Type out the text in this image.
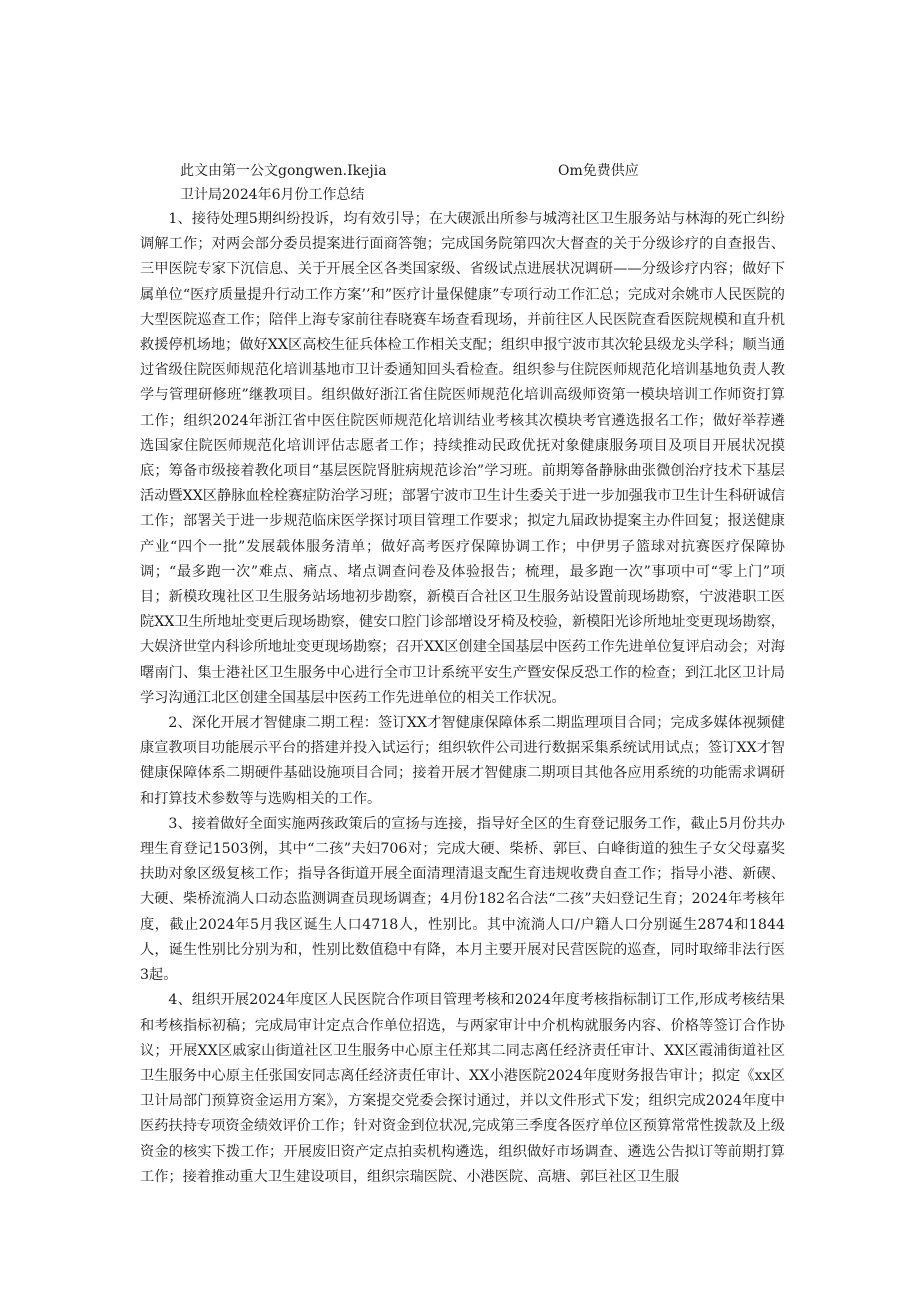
此文由第一公文gongwen.Ikejia	Om免费供应
卫计局2024年6月份工作总结

1、接待处理5期纠纷投诉，均有效引导；在大碶派出所参与城湾社区卫生服务站与林海的死亡纠纷调解工作；对两会部分委员提案进行面商答匏；完成国务院第四次大督查的关于分级诊疗的自查报告、三甲医院专家下沉信息、关于开展全区各类国家级、省级试点进展状况调研——分级诊疗内容；做好下属单位“医疗质量提升行动工作方案’’和”医疗计量保健康”专项行动工作汇总；完成对余姚市人民医院的大型医院巡查工作；陪伴上海专家前往春晓赛车场查看现场，并前往区人民医院查看医院规模和直升机救援停机场地；做好XX区高校生征兵体检工作相关支配；组织申报宁波市其次轮县级龙头学科；顺当通过省级住院医师规范化培训基地市卫计委通知回头看检查。组织参与住院医师规范化培训基地负责人教学与管理研修班”继教项目。组织做好浙江省住院医师规范化培训高级师资第一模块培训工作师资打算工作；组织2024年浙江省中医住院医师规范化培训结业考核其次模块考官遴选报名工作；做好举荐遴选国家住院医师规范化培训评估志愿者工作；持续推动民政优抚对象健康服务项目及项目开展状况摸底；筹备市级接着教化项目“基层医院肾脏病规范诊治”学习班。前期筹备静脉曲张微创治疗技术下基层活动暨XX区静脉血栓栓赛症防治学习班；部署宁波市卫生计生委关于进一步加强我市卫生计生科研诚信工作；部署关于进一步规范临床医学探讨项目管理工作要求；拟定九届政协提案主办件回复；报送健康产业“四个一批”发展载体服务清单；做好高考医疗保障协调工作；中伊男子篮球对抗赛医疗保障协调；“最多跑一次”难点、痛点、堵点调查问卷及体验报告；梳理，最多跑一次”事项中可“零上门”项目；新模玫瑰社区卫生服务站场地初步勘察，新模百合社区卫生服务站设置前现场勘察，宁波港职工医院XX卫生所地址变更后现场勘察，健安口腔门诊部增设牙椅及校验，新模阳光诊所地址变更现场勘察，大娱济世堂内科诊所地址变更现场勘察；召开XX区创建全国基层中医药工作先进单位复评启动会；对海曙南门、集士港社区卫生服务中心进行全市卫计系统平安生产暨安保反恐工作的检查；到江北区卫计局学习沟通江北区创建全国基层中医药工作先进单位的相关工作状况。

2、深化开展才智健康二期工程：签订XX才智健康保障体系二期监理项目合同；完成多媒体视频健康宣教项目功能展示平台的搭建并投入试运行；组织软件公司进行数据采集系统试用试点；签订XX才智健康保障体系二期硬件基础设施项目合同；接着开展才智健康二期项目其他各应用系统的功能需求调研和打算技术参数等与选购相关的工作。

3、接着做好全面实施两孩政策后的宣扬与连接，指导好全区的生育登记服务工作，截止5月份共办理生育登记1503例，其中“二孩”夫妇706对；完成大硬、柴桥、郭巨、白峰街道的独生子女父母嘉奖扶助对象区级复核工作；指导各街道开展全面清理清退支配生育违规收费自查工作；指导小港、新碶、大硬、柴桥流淌人口动态监测调查员现场调查；4月份182名合法“二孩”夫妇登记生育；2024年考核年度，截止2024年5月我区诞生人口4718人，性别比。其中流淌人口/户籍人口分别诞生2874和1844人，诞生性别比分别为和，性别比数值稳中有降，本月主要开展对民营医院的巡查，同时取缔非法行医3起。

4、组织开展2024年度区人民医院合作项目管理考核和2024年度考核指标制订工作,形成考核结果和考核指标初稿；完成局审计定点合作单位招选，与两家审计中介机构就服务内容、价格等签订合作协议；开展XX区戚家山街道社区卫生服务中心原主任郑其二同志离任经济责任审计、XX区霞浦街道社区卫生服务中心原主任张国安同志离任经济责任审计、XX小港医院2024年度财务报告审计；拟定《xx区卫计局部门预算资金运用方案》，方案提交党委会探讨通过，并以文件形式下发；组织完成2024年度中医药扶持专项资金绩效评价工作；针对资金到位状况,完成第三季度各医疗单位区预算常常性拨款及上级资金的核实下拨工作；开展废旧资产定点拍卖机构遴选，组织做好市场调查、遴选公告拟订等前期打算工作；接着推动重大卫生建设项目，组织宗瑞医院、小港医院、高塘、郭巨社区卫生服
